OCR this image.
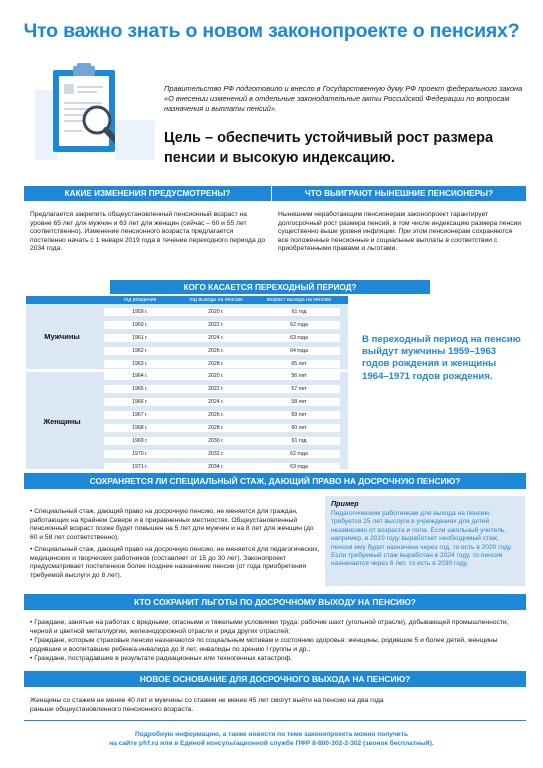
Что важно знать о новом законопроекте о пенсиях?
Правительство РФ подготовило и внесло в Государственную думу РФ проект федерального закона «О внесении изменений в отдельные законодательные акты Российской Федерации по вопросам назначения и выплаты пенсий».
Цель – обеспечить устойчивый рост размера пенсии и высокую индексацию.
КАКИЕ ИЗМЕНЕНИЯ ПРЕДУСМОТРЕНЫ?	ЧТО ВЫИГРАЮТ НЫНЕШНИЕ ПЕНСИОНЕРЫ?
Предлагается закрепить общеустановленный пенсионный возраст на уровне 65 лет для мужчин и 63 лет для женщин (сейчас – 60 и 55 лет соответственно). Изменение пенсионного возраста предлагается постепенно начать с 1 января 2019 года в течение переходного периода до 2034 года.
Нынешним неработающим пенсионерам законопроект гарантирует долгосрочный рост размера пенсий, в том числе индексацию размера пенсии существенно выше уровня инфляции. При этом пенсионерам сохраняются все положенные пенсионные и социальные выплаты в соответствии с приобретенными правами и льготами.
КОГО КАСАЕТСЯ ПЕРЕХОДНЫЙ ПЕРИОД?
год рождения	год выхода на пенсию	возраст выхода на пенсию
Мужчины
1959 г.	2020 г.	61 год
1960 г.	2022 г.	62 года
1961 г.	2024 г.	63 года
1962 г.	2026 г.	64 года
1963 г.	2028 г.	65 лет
Женщины
1964 г.	2020 г.	56 лет
1965 г.	2022 г.	57 лет
1966 г.	2024 г.	58 лет
1967 г.	2026 г.	59 лет
1968 г.	2028 г.	60 лет
1969 г.	2030 г.	61 год
1970 г.	2032 г.	62 года
1971 г.	2034 г.	63 года
В переходный период на пенсию выйдут мужчины 1959–1963 годов рождения и женщины 1964–1971 годов рождения.
СОХРАНЯЕТСЯ ЛИ СПЕЦИАЛЬНЫЙ СТАЖ, ДАЮЩИЙ ПРАВО НА ДОСРОЧНУЮ ПЕНСИЮ?
• Специальный стаж, дающий право на досрочную пенсию, не меняется для граждан, работающих на Крайнем Севере и в приравненных местностях. Общеустановленный пенсионный возраст позже будет повышен на 5 лет для мужчин и на 8 лет для женщин (до 60 и 58 лет соответственно).
• Специальный стаж, дающий право на досрочную пенсию, не меняется для педагогических, медицинских и творческих работников (составляет от 15 до 30 лет). Законопроект предусматривает постепенное более позднее назначение пенсии (от года приобретения требуемой выслуги до 8 лет).
Пример
Педагогическим работникам для выхода на пенсию требуется 25 лет выслуги в учреждениях для детей независимо от возраста и пола. Если школьный учитель, например, в 2019 году выработает необходимый стаж, пенсия ему будет назначена через год, то есть в 2020 году. Если требуемый стаж выработан в 2024 году, то пенсия назначается через 6 лет, то есть в 2030 году.
КТО СОХРАНИТ ЛЬГОТЫ ПО ДОСРОЧНОМУ ВЫХОДУ НА ПЕНСИЮ?
• Граждане, занятые на работах с вредными, опасными и тяжелыми условиями труда: рабочие шахт (угольной отрасли), добывающей промышленности, черной и цветной металлургии, железнодорожной отрасли и ряда других отраслей;
• Граждане, которым страховые пенсии назначаются по социальным мотивам и состоянию здоровья: женщины, родившие 5 и более детей, женщины родившие и воспитавшие ребенка-инвалида до 8 лет, инвалиды по зрению I группы и др.;
• Граждане, пострадавшие в результате радиационных или техногенных катастроф.
НОВОЕ ОСНОВАНИЕ ДЛЯ ДОСРОЧНОГО ВЫХОДА НА ПЕНСИЮ?
Женщины со стажем не менее 40 лет и мужчины со стажем не менее 45 лет смогут выйти на пенсию на два года раньше общеустановленного пенсионного возраста.
Подробную информацию, а также новости по теме законопроекта можно получить
на сайте pfrf.ru или в Единой консультационной службе ПФР 8-800-302-2-302 (звонок бесплатный).
